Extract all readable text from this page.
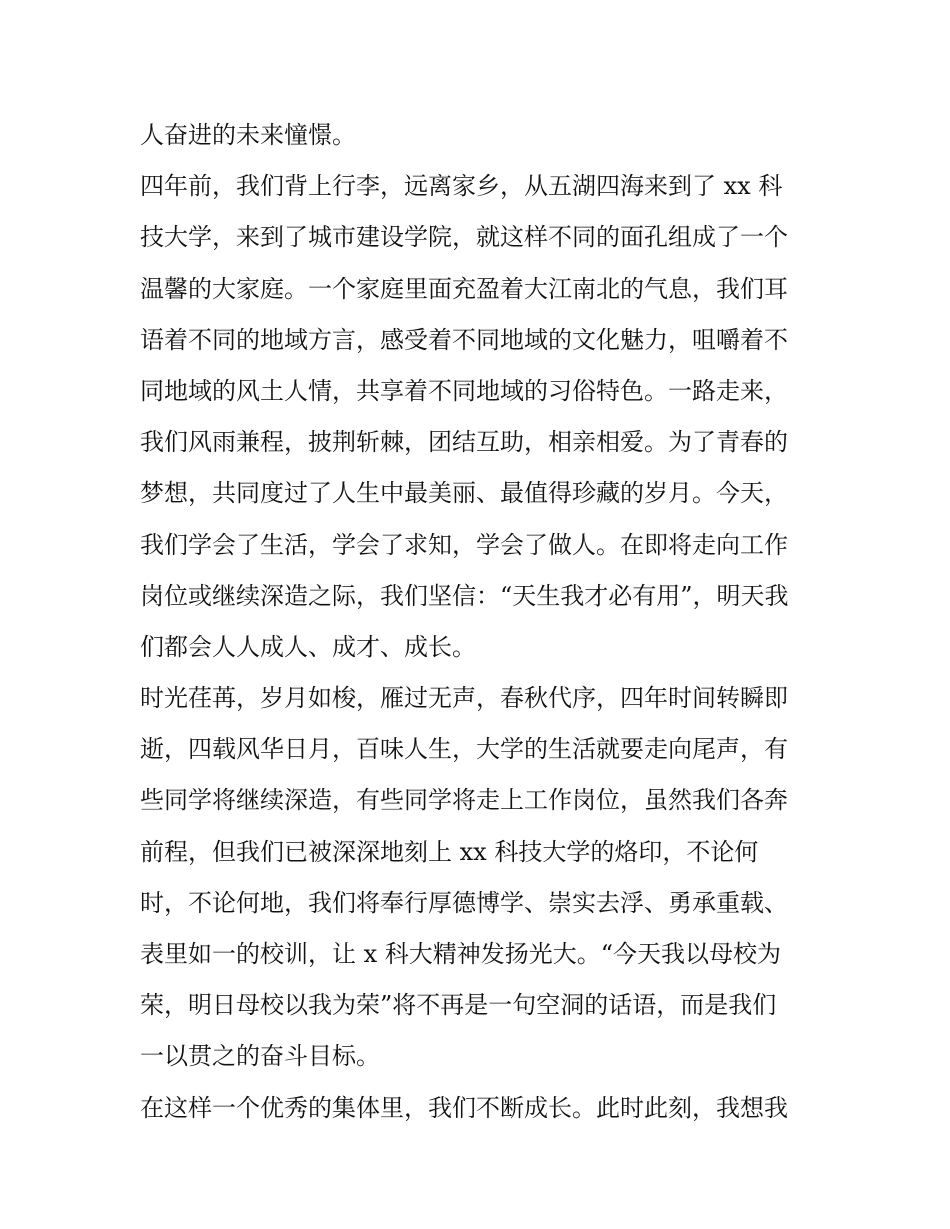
人奋进的未来憧憬。
四年前，我们背上行李，远离家乡，从五湖四海来到了 xx 科
技大学，来到了城市建设学院，就这样不同的面孔组成了一个
温馨的大家庭。一个家庭里面充盈着大江南北的气息，我们耳
语着不同的地域方言，感受着不同地域的文化魅力，咀嚼着不
同地域的风土人情，共享着不同地域的习俗特色。一路走来，
我们风雨兼程，披荆斩棘，团结互助，相亲相爱。为了青春的
梦想，共同度过了人生中最美丽、最值得珍藏的岁月。今天，
我们学会了生活，学会了求知，学会了做人。在即将走向工作
岗位或继续深造之际，我们坚信：“天生我才必有用”，明天我
们都会人人成人、成才、成长。
时光荏苒，岁月如梭，雁过无声，春秋代序，四年时间转瞬即
逝，四载风华日月，百味人生，大学的生活就要走向尾声，有
些同学将继续深造，有些同学将走上工作岗位，虽然我们各奔
前程，但我们已被深深地刻上 xx 科技大学的烙印，不论何
时，不论何地，我们将奉行厚德博学、崇实去浮、勇承重载、
表里如一的校训，让 x 科大精神发扬光大。“今天我以母校为
荣，明日母校以我为荣”将不再是一句空洞的话语，而是我们
一以贯之的奋斗目标。
在这样一个优秀的集体里，我们不断成长。此时此刻，我想我
